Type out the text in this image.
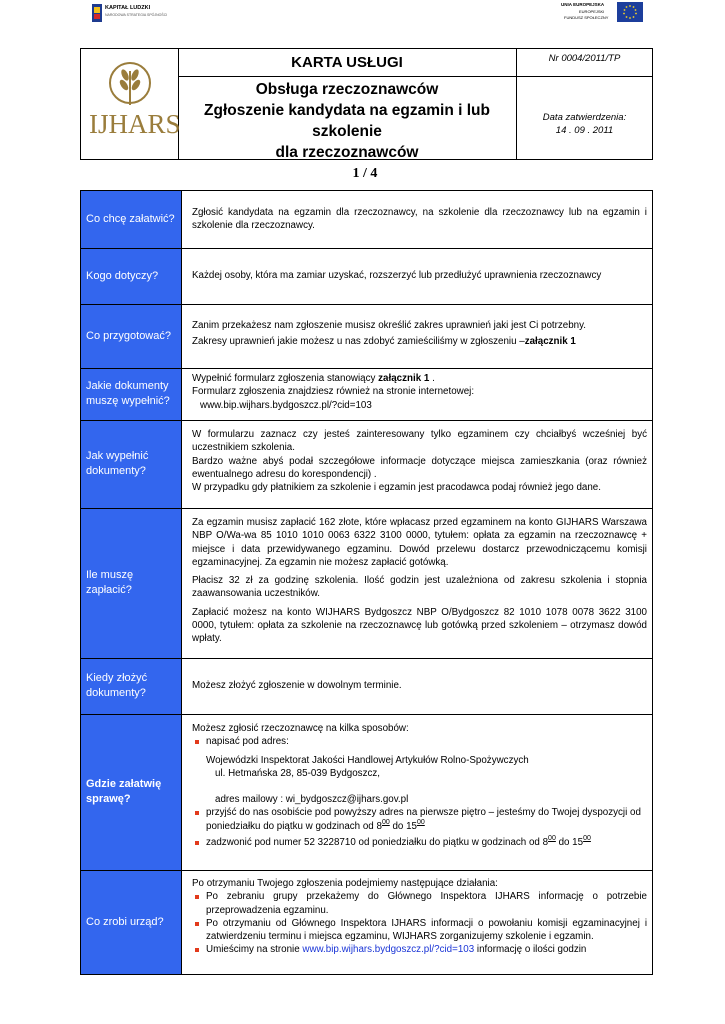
KAPITAŁ LUDZKI
NARODOWA STRATEGIA SPÓJNOŚCI
UNIA EUROPEJSKA
EUROPEJSKI
FUNDUSZ SPOŁECZNY
IJHARS
KARTA USŁUGI
Obsługa rzeczoznawców
Zgłoszenie kandydata na egzamin i lub
szkolenie
dla rzeczoznawców
Nr 0004/2011/TP
Data zatwierdzenia:
14 . 09 . 2011
1 / 4
Co chcę załatwić?	Zgłosić kandydata na egzamin dla rzeczoznawcy, na szkolenie dla rzeczoznawcy lub na egzamin i szkolenie dla rzeczoznawcy.

Kogo dotyczy?	Każdej osoby, która ma zamiar uzyskać, rozszerzyć lub przedłużyć uprawnienia rzeczoznawcy

Co przygotować?

Zanim przekażesz nam zgłoszenie musisz określić zakres uprawnień jaki jest Ci potrzebny.

Zakresy uprawnień jakie możesz u nas zdobyć zamieściliśmy w zgłoszeniu –załącznik 1

Jakie dokumenty muszę wypełnić?

Wypełnić formularz zgłoszenia stanowiący załącznik 1 .

Formularz zgłoszenia znajdziesz również na stronie internetowej:

www.bip.wijhars.bydgoszcz.pl/?cid=103

Jak wypełnić dokumenty?

W formularzu zaznacz czy jesteś zainteresowany tylko egzaminem czy chciałbyś wcześniej być uczestnikiem szkolenia.

Bardzo ważne abyś podał szczegółowe informacje dotyczące miejsca zamieszkania (oraz również ewentualnego adresu do korespondencji) .

W przypadku gdy płatnikiem za szkolenie i egzamin jest pracodawca podaj również jego dane.

Ile muszę zapłacić?

Za egzamin musisz zapłacić 162 złote, które wpłacasz przed egzaminem na konto GIJHARS Warszawa NBP O/Wa-wa 85 1010 1010 0063 6322 3100 0000, tytułem: opłata za egzamin na rzeczoznawcę + miejsce i data przewidywanego egzaminu. Dowód przelewu dostarcz przewodniczącemu komisji egzaminacyjnej. Za egzamin nie możesz zapłacić gotówką.

Płacisz 32 zł za godzinę szkolenia. Ilość godzin jest uzależniona od zakresu szkolenia i stopnia zaawansowania uczestników.

Zapłacić możesz na konto WIJHARS Bydgoszcz NBP O/Bydgoszcz 82 1010 1078 0078 3622 3100 0000, tytułem: opłata za szkolenie na rzeczoznawcę lub gotówką przed szkoleniem – otrzymasz dowód wpłaty.

Kiedy złożyć dokumenty?

Możesz złożyć zgłoszenie w dowolnym terminie.

Gdzie załatwię sprawę?

Możesz zgłosić rzeczoznawcę na kilka sposobów:

napisać pod adres:

Wojewódzki Inspektorat Jakości Handlowej Artykułów Rolno-Spożywczych

ul. Hetmańska 28, 85-039 Bydgoszcz,

adres mailowy : wi_bydgoszcz@ijhars.gov.pl

przyjść do nas osobiście pod powyższy adres na pierwsze piętro – jesteśmy do Twojej dyspozycji od poniedziałku do piątku w godzinach od $8^{00}$ do $15^{00}$

zadzwonić pod numer 52 3228710 od poniedziałku do piątku w godzinach od $8^{00}$ do $15^{00}$

Co zrobi urząd?

Po otrzymaniu Twojego zgłoszenia podejmiemy następujące działania:

Po zebraniu grupy przekażemy do Głównego Inspektora IJHARS informację o potrzebie przeprowadzenia egzaminu.

Po otrzymaniu od Głównego Inspektora IJHARS informacji o powołaniu komisji egzaminacyjnej i zatwierdzeniu terminu i miejsca egzaminu, WIJHARS zorganizujemy szkolenie i egzamin.

Umieścimy na stronie www.bip.wijhars.bydgoszcz.pl/?cid=103 informację o ilości godzin
